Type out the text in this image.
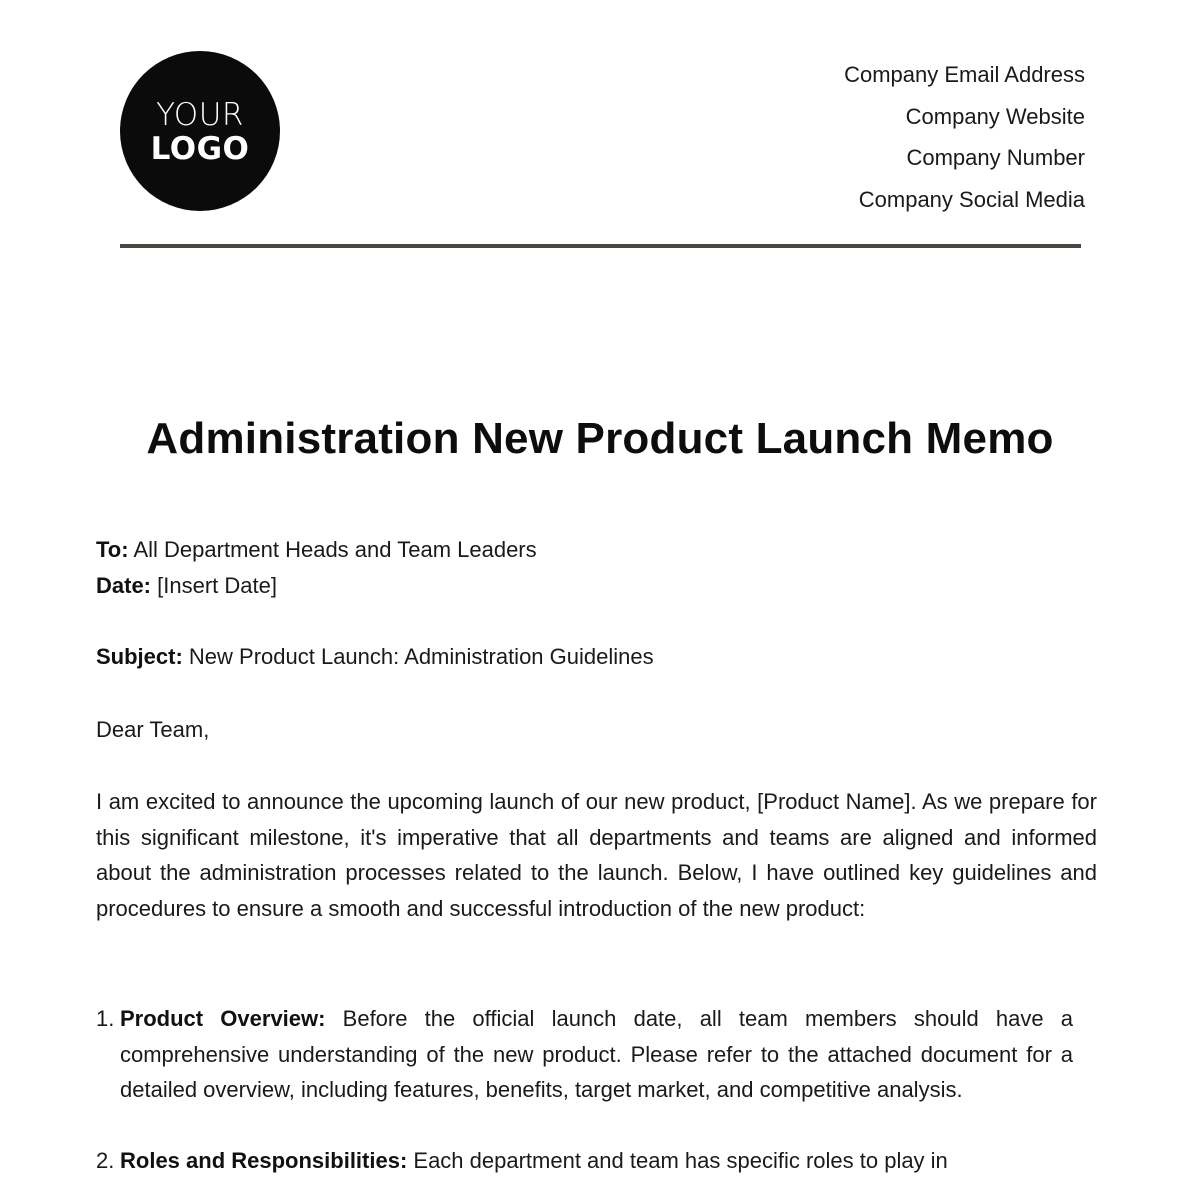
YOUR
LOGO
Company Email Address
Company Website
Company Number
Company Social Media
Administration New Product Launch Memo
To: All Department Heads and Team Leaders
Date: [Insert Date]
Subject: New Product Launch: Administration Guidelines
Dear Team,
I am excited to announce the upcoming launch of our new product, [Product Name]. As we prepare for this significant milestone, it's imperative that all departments and teams are aligned and informed about the administration processes related to the launch. Below, I have outlined key guidelines and procedures to ensure a smooth and successful introduction of the new product:
1. Product Overview: Before the official launch date, all team members should have a comprehensive understanding of the new product. Please refer to the attached document for a detailed overview, including features, benefits, target market, and competitive analysis.
2. Roles and Responsibilities: Each department and team has specific roles to play in
